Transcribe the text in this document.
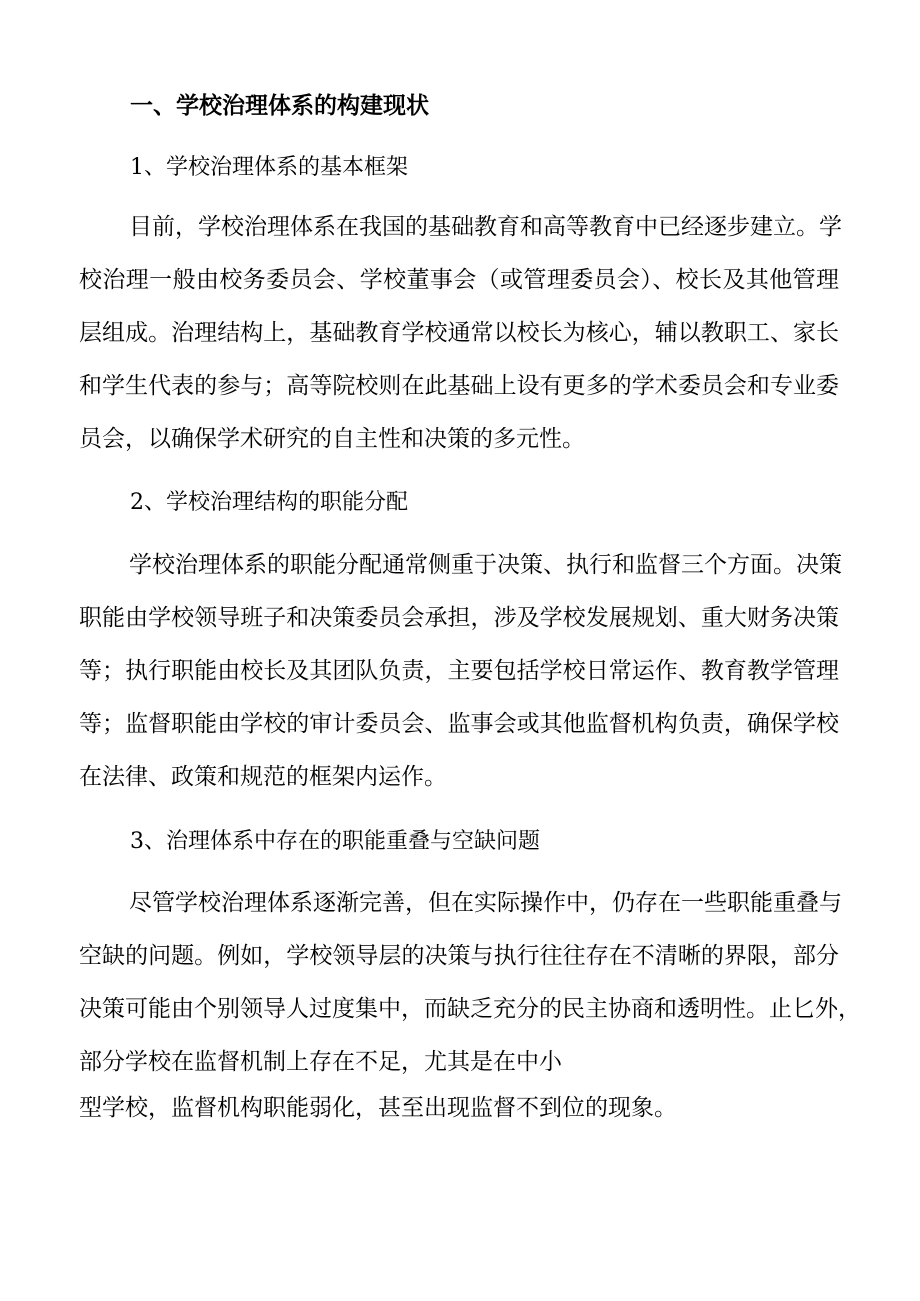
一、学校治理体系的构建现状
1、学校治理体系的基本框架
目前，学校治理体系在我国的基础教育和高等教育中已经逐步建立。学
校治理一般由校务委员会、学校董事会（或管理委员会）、校长及其他管理
层组成。治理结构上，基础教育学校通常以校长为核心，辅以教职工、家长
和学生代表的参与；高等院校则在此基础上设有更多的学术委员会和专业委
员会，以确保学术研究的自主性和决策的多元性。
2、学校治理结构的职能分配
学校治理体系的职能分配通常侧重于决策、执行和监督三个方面。决策
职能由学校领导班子和决策委员会承担，涉及学校发展规划、重大财务决策
等；执行职能由校长及其团队负责，主要包括学校日常运作、教育教学管理
等；监督职能由学校的审计委员会、监事会或其他监督机构负责，确保学校
在法律、政策和规范的框架内运作。
3、治理体系中存在的职能重叠与空缺问题
尽管学校治理体系逐渐完善，但在实际操作中，仍存在一些职能重叠与
空缺的问题。例如，学校领导层的决策与执行往往存在不清晰的界限，部分
决策可能由个别领导人过度集中，而缺乏充分的民主协商和透明性。止匕外，
部分学校在监督机制上存在不足，尤其是在中小
型学校，监督机构职能弱化，甚至出现监督不到位的现象。
